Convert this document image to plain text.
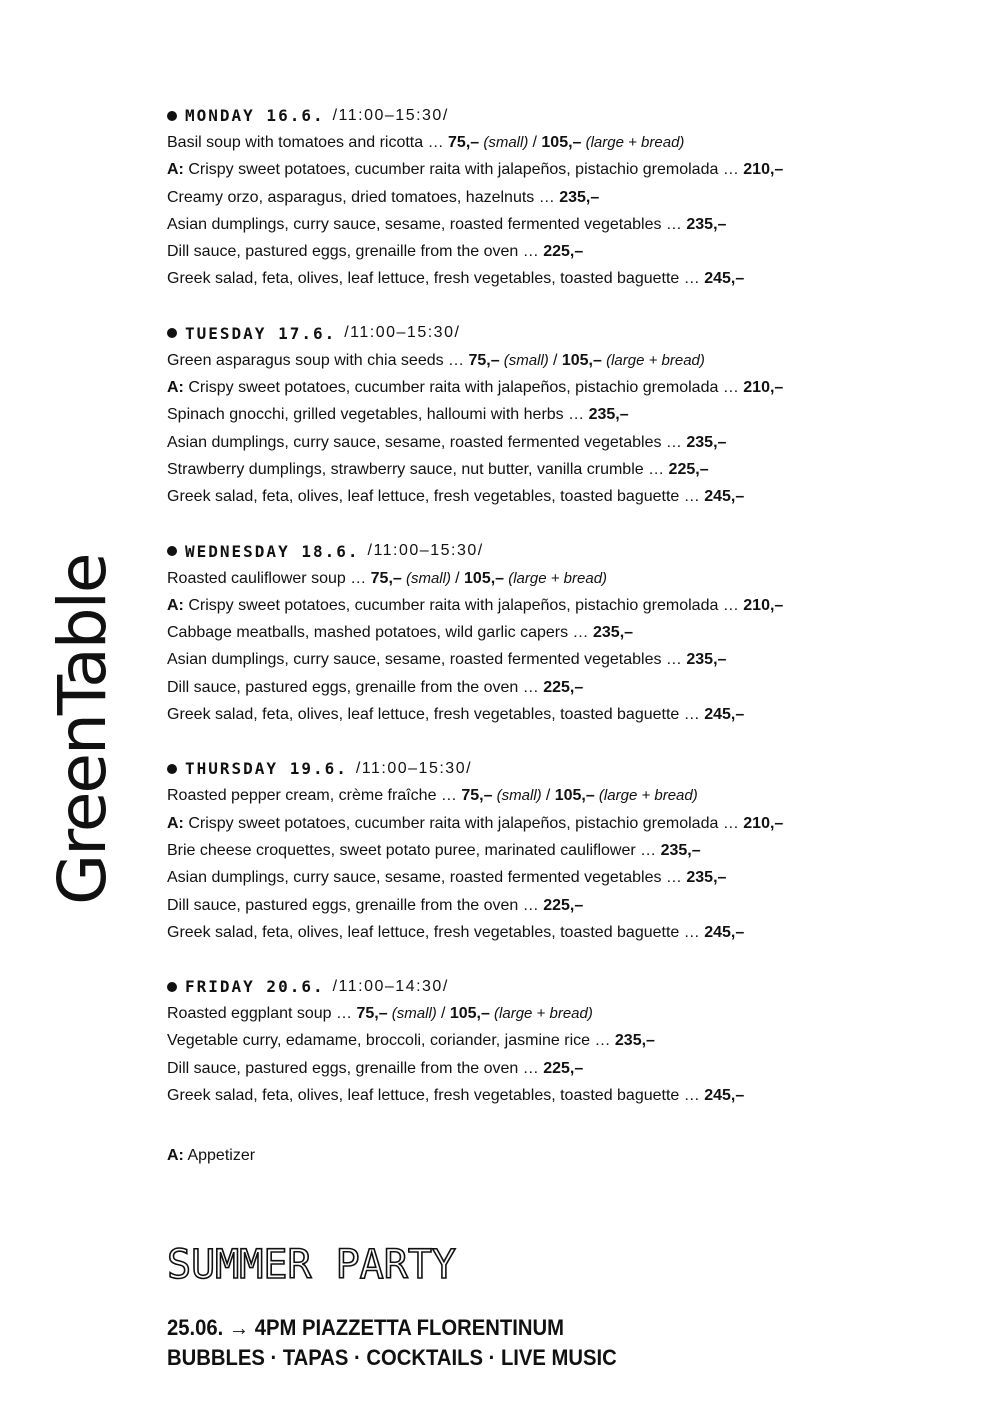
GreenTable
MONDAY 16.6. /11:00–15:30/
Basil soup with tomatoes and ricotta … 75,– (small) / 105,– (large + bread)
A: Crispy sweet potatoes, cucumber raita with jalapeños, pistachio gremolada … 210,–
Creamy orzo, asparagus, dried tomatoes, hazelnuts … 235,–
Asian dumplings, curry sauce, sesame, roasted fermented vegetables … 235,–
Dill sauce, pastured eggs, grenaille from the oven … 225,–
Greek salad, feta, olives, leaf lettuce, fresh vegetables, toasted baguette … 245,–
TUESDAY 17.6. /11:00–15:30/
Green asparagus soup with chia seeds … 75,– (small) / 105,– (large + bread)
A: Crispy sweet potatoes, cucumber raita with jalapeños, pistachio gremolada … 210,–
Spinach gnocchi, grilled vegetables, halloumi with herbs … 235,–
Asian dumplings, curry sauce, sesame, roasted fermented vegetables … 235,–
Strawberry dumplings, strawberry sauce, nut butter, vanilla crumble … 225,–
Greek salad, feta, olives, leaf lettuce, fresh vegetables, toasted baguette … 245,–
WEDNESDAY 18.6. /11:00–15:30/
Roasted cauliflower soup … 75,– (small) / 105,– (large + bread)
A: Crispy sweet potatoes, cucumber raita with jalapeños, pistachio gremolada … 210,–
Cabbage meatballs, mashed potatoes, wild garlic capers … 235,–
Asian dumplings, curry sauce, sesame, roasted fermented vegetables … 235,–
Dill sauce, pastured eggs, grenaille from the oven … 225,–
Greek salad, feta, olives, leaf lettuce, fresh vegetables, toasted baguette … 245,–
THURSDAY 19.6. /11:00–15:30/
Roasted pepper cream, crème fraîche … 75,– (small) / 105,– (large + bread)
A: Crispy sweet potatoes, cucumber raita with jalapeños, pistachio gremolada … 210,–
Brie cheese croquettes, sweet potato puree, marinated cauliflower … 235,–
Asian dumplings, curry sauce, sesame, roasted fermented vegetables … 235,–
Dill sauce, pastured eggs, grenaille from the oven … 225,–
Greek salad, feta, olives, leaf lettuce, fresh vegetables, toasted baguette … 245,–
FRIDAY 20.6. /11:00–14:30/
Roasted eggplant soup … 75,– (small) / 105,– (large + bread)
Vegetable curry, edamame, broccoli, coriander, jasmine rice … 235,–
Dill sauce, pastured eggs, grenaille from the oven … 225,–
Greek salad, feta, olives, leaf lettuce, fresh vegetables, toasted baguette … 245,–
A: Appetizer
SUMMER PARTY
25.06. → 4PM PIAZZETTA FLORENTINUM
BUBBLES · TAPAS · COCKTAILS · LIVE MUSIC
